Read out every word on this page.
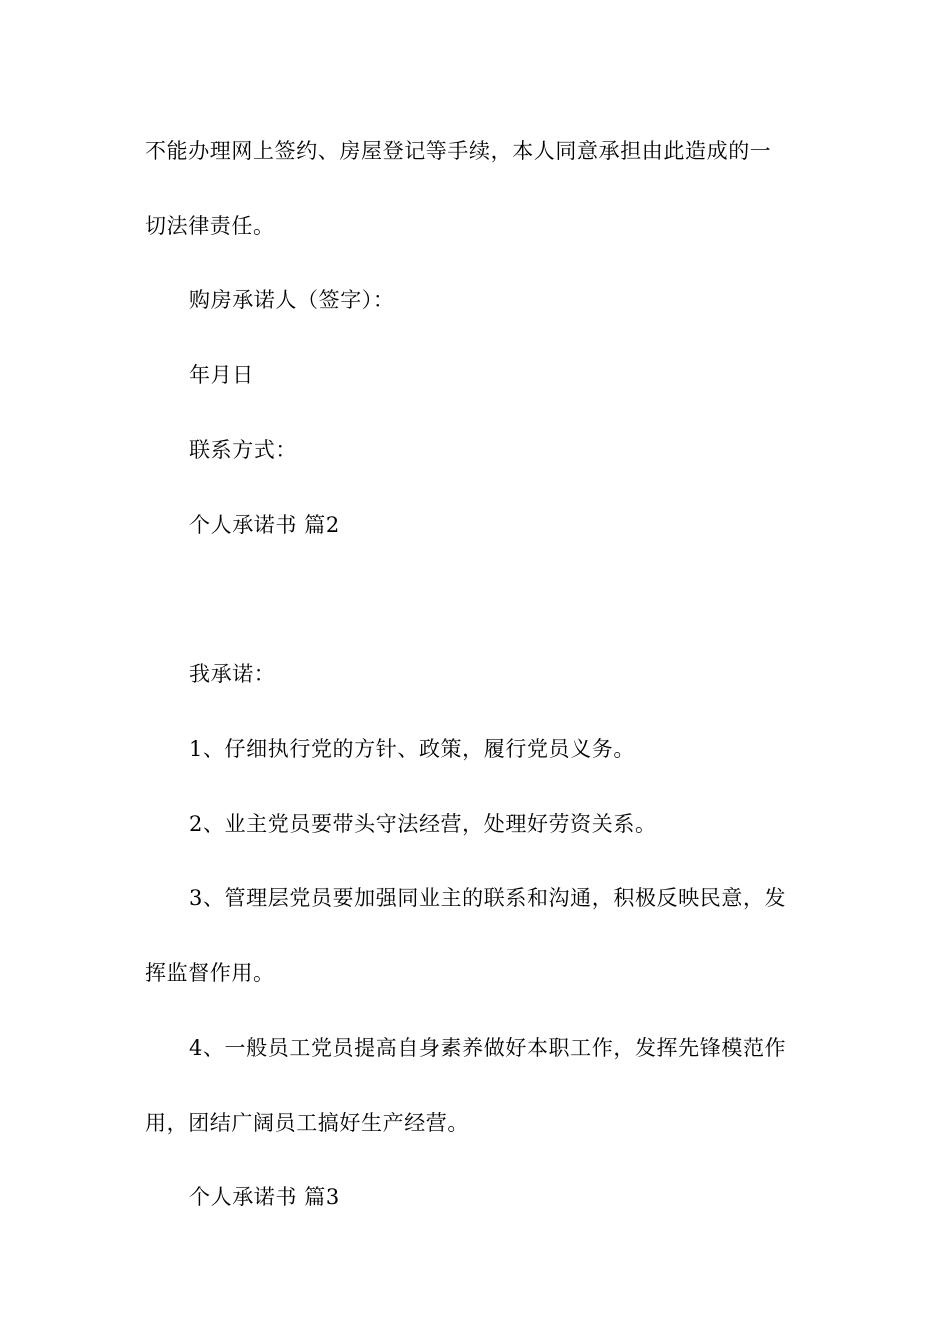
不能办理网上签约、房屋登记等手续，本人同意承担由此造成的一
切法律责任。
购房承诺人（签字）：
年月日
联系方式：
个人承诺书 篇2
我承诺：
1、仔细执行党的方针、政策，履行党员义务。
2、业主党员要带头守法经营，处理好劳资关系。
3、管理层党员要加强同业主的联系和沟通，积极反映民意，发
挥监督作用。
4、一般员工党员提高自身素养做好本职工作，发挥先锋模范作
用，团结广阔员工搞好生产经营。
个人承诺书 篇3
